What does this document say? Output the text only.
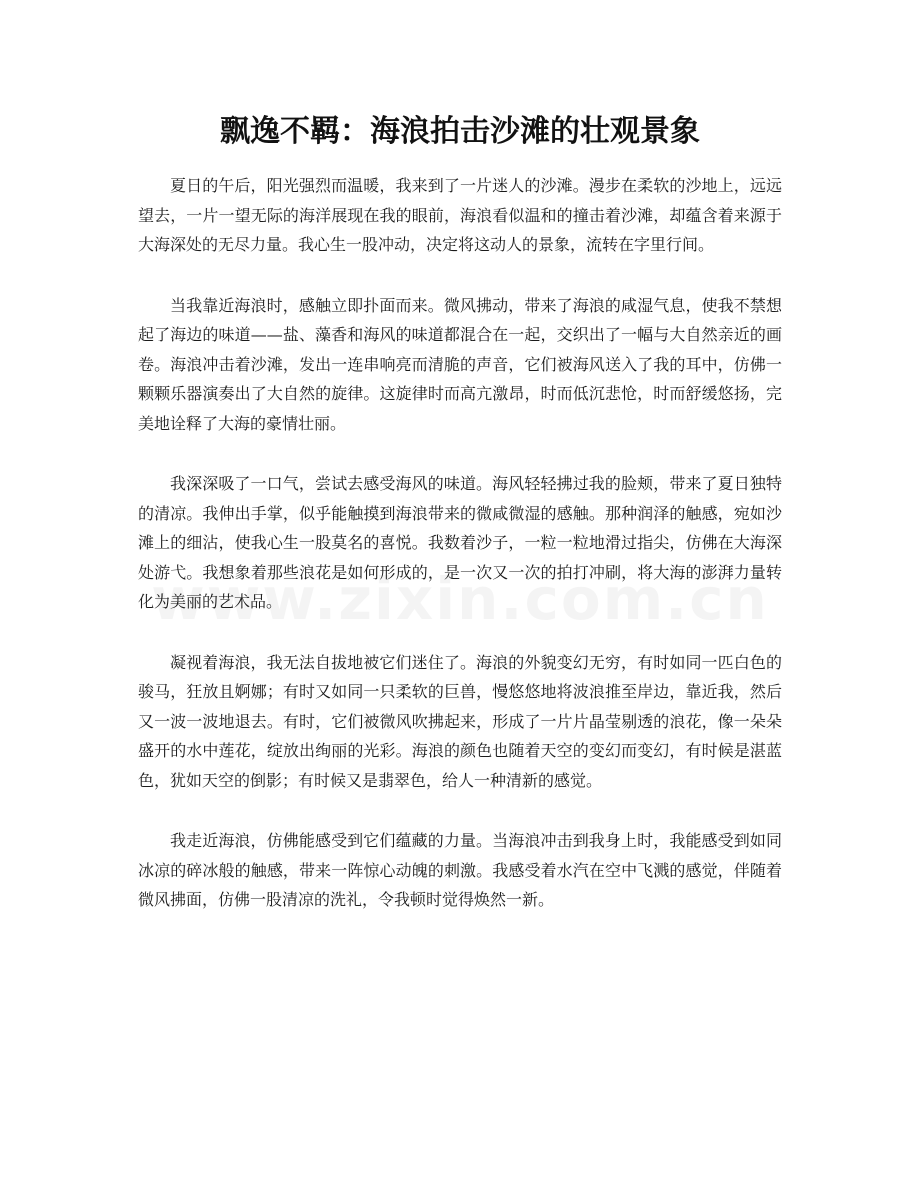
飘逸不羁：海浪拍击沙滩的壮观景象

夏日的午后，阳光强烈而温暖，我来到了一片迷人的沙滩。漫步在柔软的沙地上，远远望去，一片一望无际的海洋展现在我的眼前，海浪看似温和的撞击着沙滩，却蕴含着来源于大海深处的无尽力量。我心生一股冲动，决定将这动人的景象，流转在字里行间。

当我靠近海浪时，感触立即扑面而来。微风拂动，带来了海浪的咸湿气息，使我不禁想起了海边的味道——盐、藻香和海风的味道都混合在一起，交织出了一幅与大自然亲近的画卷。海浪冲击着沙滩，发出一连串响亮而清脆的声音，它们被海风送入了我的耳中，仿佛一颗颗乐器演奏出了大自然的旋律。这旋律时而高亢激昂，时而低沉悲怆，时而舒缓悠扬，完美地诠释了大海的豪情壮丽。

我深深吸了一口气，尝试去感受海风的味道。海风轻轻拂过我的脸颊，带来了夏日独特的清凉。我伸出手掌，似乎能触摸到海浪带来的微咸微湿的感触。那种润泽的触感，宛如沙滩上的细沾，使我心生一股莫名的喜悦。我数着沙子，一粒一粒地滑过指尖，仿佛在大海深处游弋。我想象着那些浪花是如何形成的，是一次又一次的拍打冲刷，将大海的澎湃力量转化为美丽的艺术品。

凝视着海浪，我无法自拔地被它们迷住了。海浪的外貌变幻无穷，有时如同一匹白色的骏马，狂放且婀娜；有时又如同一只柔软的巨兽，慢悠悠地将波浪推至岸边，靠近我，然后又一波一波地退去。有时，它们被微风吹拂起来，形成了一片片晶莹剔透的浪花，像一朵朵盛开的水中莲花，绽放出绚丽的光彩。海浪的颜色也随着天空的变幻而变幻，有时候是湛蓝色，犹如天空的倒影；有时候又是翡翠色，给人一种清新的感觉。

我走近海浪，仿佛能感受到它们蕴藏的力量。当海浪冲击到我身上时，我能感受到如同冰凉的碎冰般的触感，带来一阵惊心动魄的刺激。我感受着水汽在空中飞溅的感觉，伴随着微风拂面，仿佛一股清凉的洗礼，令我顿时觉得焕然一新。
